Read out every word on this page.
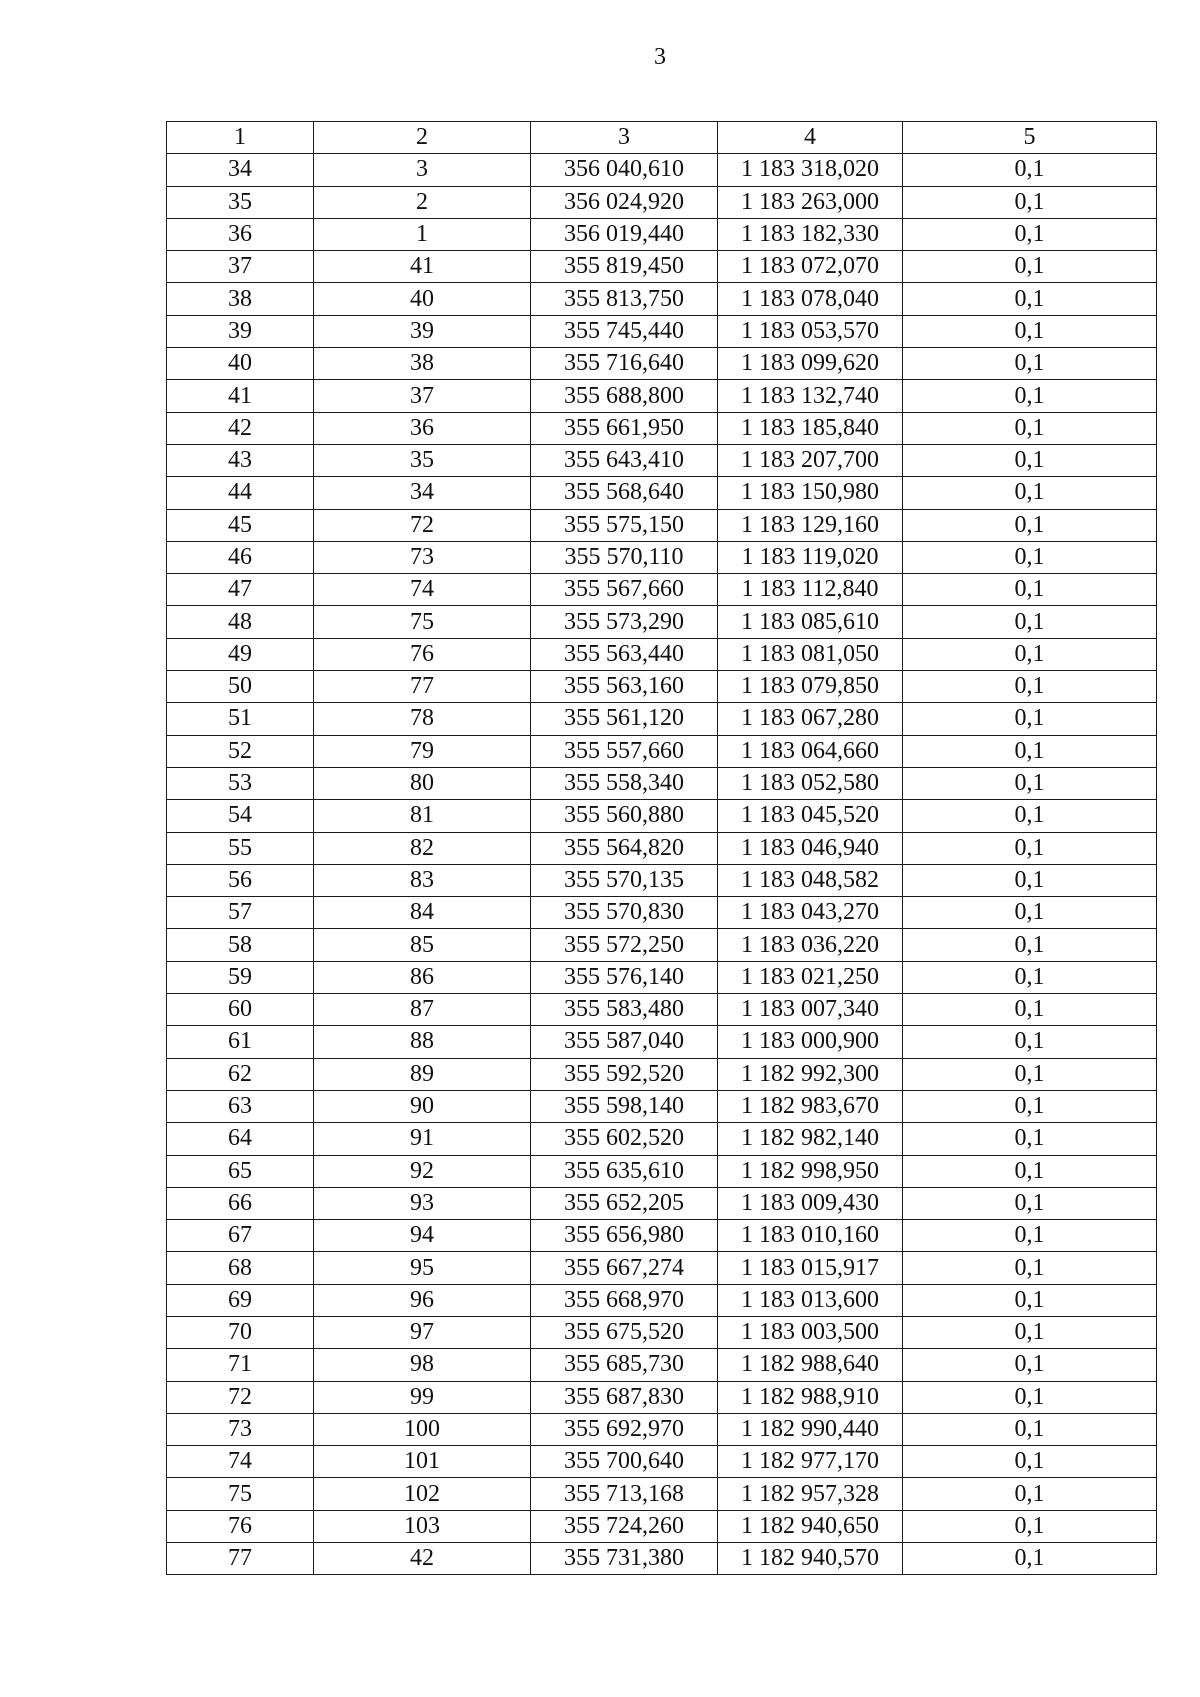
3
1	2	3	4	5
34	3	356 040,610	1 183 318,020	0,1
35	2	356 024,920	1 183 263,000	0,1
36	1	356 019,440	1 183 182,330	0,1
37	41	355 819,450	1 183 072,070	0,1
38	40	355 813,750	1 183 078,040	0,1
39	39	355 745,440	1 183 053,570	0,1
40	38	355 716,640	1 183 099,620	0,1
41	37	355 688,800	1 183 132,740	0,1
42	36	355 661,950	1 183 185,840	0,1
43	35	355 643,410	1 183 207,700	0,1
44	34	355 568,640	1 183 150,980	0,1
45	72	355 575,150	1 183 129,160	0,1
46	73	355 570,110	1 183 119,020	0,1
47	74	355 567,660	1 183 112,840	0,1
48	75	355 573,290	1 183 085,610	0,1
49	76	355 563,440	1 183 081,050	0,1
50	77	355 563,160	1 183 079,850	0,1
51	78	355 561,120	1 183 067,280	0,1
52	79	355 557,660	1 183 064,660	0,1
53	80	355 558,340	1 183 052,580	0,1
54	81	355 560,880	1 183 045,520	0,1
55	82	355 564,820	1 183 046,940	0,1
56	83	355 570,135	1 183 048,582	0,1
57	84	355 570,830	1 183 043,270	0,1
58	85	355 572,250	1 183 036,220	0,1
59	86	355 576,140	1 183 021,250	0,1
60	87	355 583,480	1 183 007,340	0,1
61	88	355 587,040	1 183 000,900	0,1
62	89	355 592,520	1 182 992,300	0,1
63	90	355 598,140	1 182 983,670	0,1
64	91	355 602,520	1 182 982,140	0,1
65	92	355 635,610	1 182 998,950	0,1
66	93	355 652,205	1 183 009,430	0,1
67	94	355 656,980	1 183 010,160	0,1
68	95	355 667,274	1 183 015,917	0,1
69	96	355 668,970	1 183 013,600	0,1
70	97	355 675,520	1 183 003,500	0,1
71	98	355 685,730	1 182 988,640	0,1
72	99	355 687,830	1 182 988,910	0,1
73	100	355 692,970	1 182 990,440	0,1
74	101	355 700,640	1 182 977,170	0,1
75	102	355 713,168	1 182 957,328	0,1
76	103	355 724,260	1 182 940,650	0,1
77	42	355 731,380	1 182 940,570	0,1
